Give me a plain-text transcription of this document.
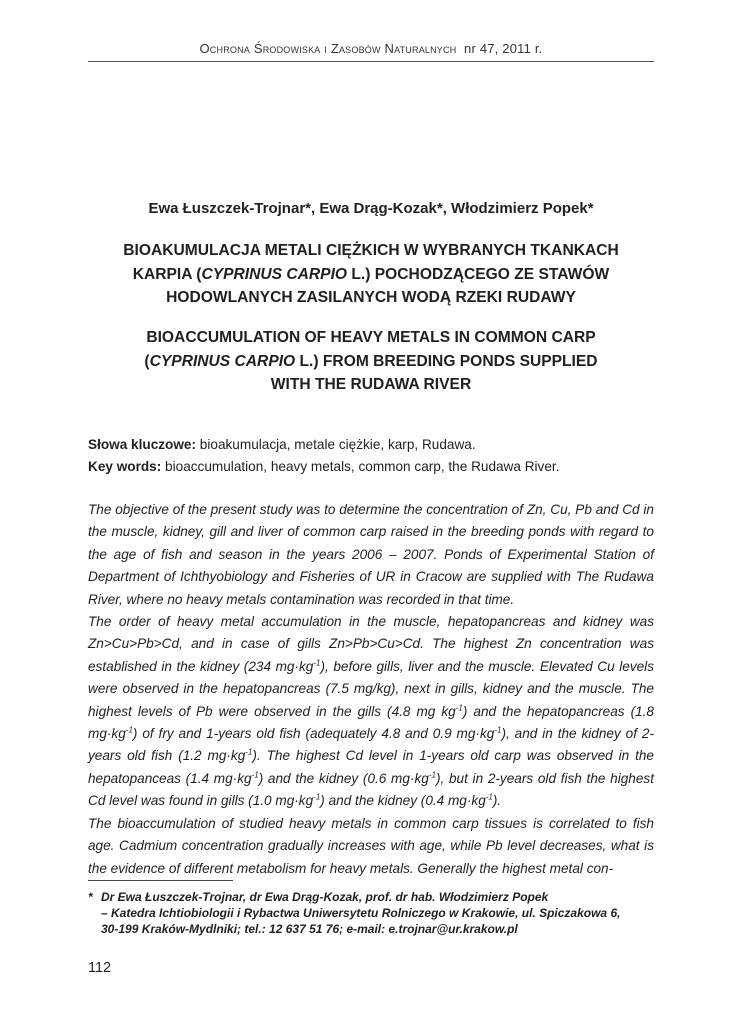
Ochrona Środowiska i Zasobów Naturalnych nr 47, 2011 r.
Ewa Łuszczek-Trojnar*, Ewa Drąg-Kozak*, Włodzimierz Popek*
BIOAKUMULACJA METALI CIĘŻKICH W WYBRANYCH TKANKACH
KARPIA (CYPRINUS CARPIO L.) POCHODZĄCEGO ZE STAWÓW
HODOWLANYCH ZASILANYCH WODĄ RZEKI RUDAWY
BIOACCUMULATION OF HEAVY METALS IN COMMON CARP
(CYPRINUS CARPIO L.) FROM BREEDING PONDS SUPPLIED
WITH THE RUDAWA RIVER
Słowa kluczowe: bioakumulacja, metale ciężkie, karp, Rudawa.
Key words: bioaccumulation, heavy metals, common carp, the Rudawa River.

The objective of the present study was to determine the concentration of Zn, Cu, Pb and Cd in the muscle, kidney, gill and liver of common carp raised in the breeding ponds with regard to the age of fish and season in the years 2006 – 2007. Ponds of Experimental Station of Department of Ichthyobiology and Fisheries of UR in Cracow are supplied with The Rudawa River, where no heavy metals contamination was recorded in that time.

The order of heavy metal accumulation in the muscle, hepatopancreas and kidney was Zn>Cu>Pb>Cd, and in case of gills Zn>Pb>Cu>Cd. The highest Zn concentration was established in the kidney (234 $mg\cdot kg^{-1}$), before gills, liver and the muscle. Elevated Cu levels were observed in the hepatopancreas (7.5 mg/kg), next in gills, kidney and the muscle. The highest levels of Pb were observed in the gills (4.8 mg $kg^{-1}$) and the hepatopancreas (1.8 $mg\cdot kg^{-1}$) of fry and 1-years old fish (adequately 4.8 and 0.9 $mg\cdot kg^{-1}$), and in the kidney of 2-years old fish (1.2 $mg\cdot kg^{-1}$). The highest Cd level in 1-years old carp was observed in the hepatopanceas (1.4 $mg\cdot kg^{-1}$) and the kidney (0.6 $mg\cdot kg^{-1}$), but in 2-years old fish the highest Cd level was found in gills (1.0 $mg\cdot kg^{-1}$) and the kidney (0.4 $mg\cdot kg^{-1}$).

The bioaccumulation of studied heavy metals in common carp tissues is correlated to fish age. Cadmium concentration gradually increases with age, while Pb level decreases, what is the evidence of different metabolism for heavy metals. Generally the highest metal con-

* Dr Ewa Łuszczek-Trojnar, dr Ewa Drąg-Kozak, prof. dr hab. Włodzimierz Popek
– Katedra Ichtiobiologii i Rybactwa Uniwersytetu Rolniczego w Krakowie, ul. Spiczakowa 6,
30-199 Kraków-Mydlniki; tel.: 12 637 51 76; e-mail: e.trojnar@ur.krakow.pl
112
